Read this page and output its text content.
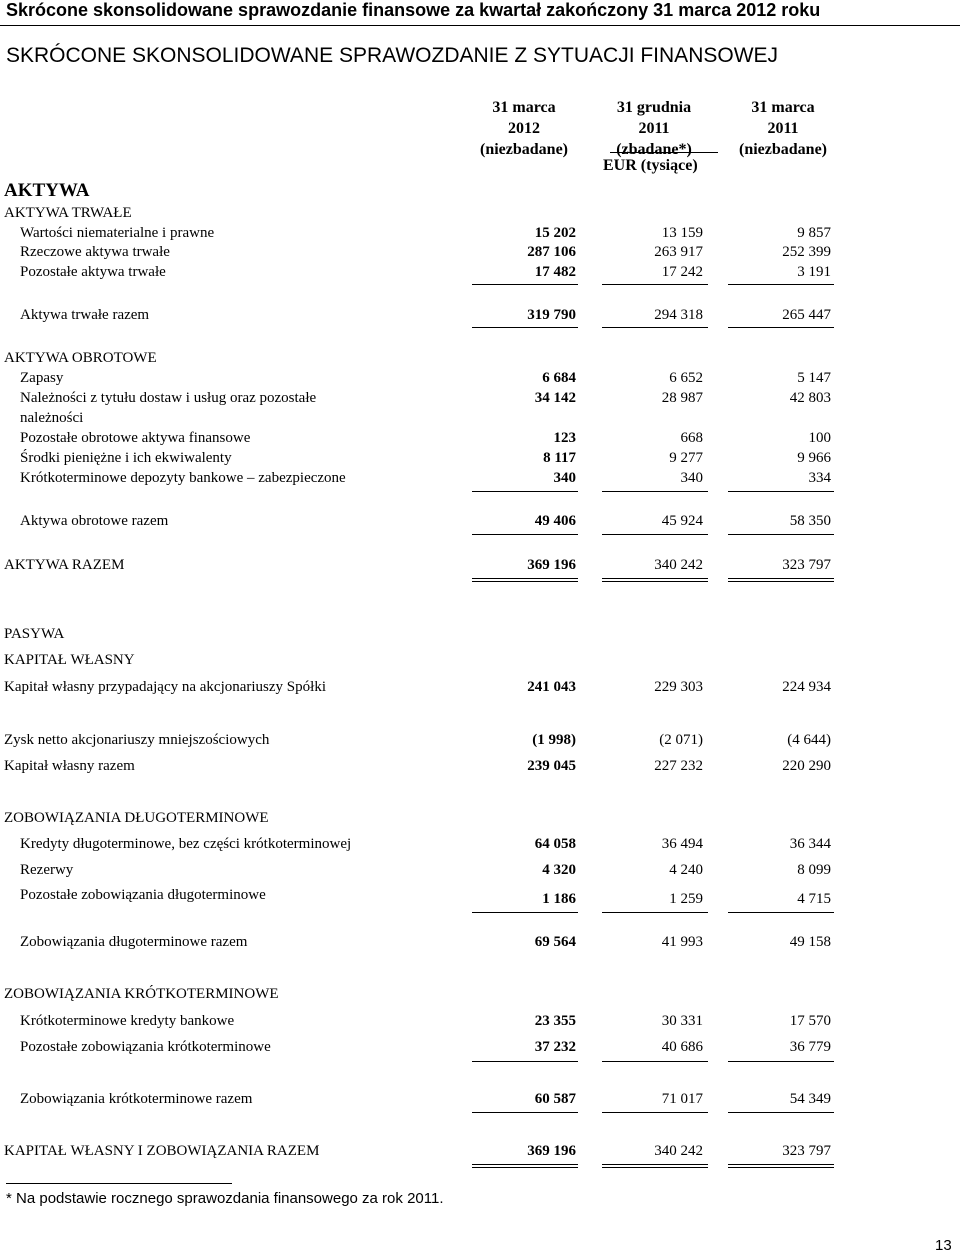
Skrócone skonsolidowane sprawozdanie finansowe za kwartał zakończony 31 marca 2012 roku
SKRÓCONE SKONSOLIDOWANE SPRAWOZDANIE Z SYTUACJI FINANSOWEJ
31 marca
2012
(niezbadane)
31 grudnia
2011
(zbadane*)
31 marca
2011
(niezbadane)
EUR (tysiące)
AKTYWA
AKTYWA TRWAŁE
Wartości niematerialne i prawne	15 202	13 159	9 857
Rzeczowe aktywa trwałe	287 106	263 917	252 399
Pozostałe aktywa trwałe	17 482	17 242	3 191
Aktywa trwałe razem	319 790	294 318	265 447
AKTYWA OBROTOWE
Zapasy	6 684	6 652	5 147
Należności z tytułu dostaw i usług oraz pozostałe
należności
34 142	28 987	42 803
Pozostałe obrotowe aktywa finansowe	123	668	100
Środki pieniężne i ich ekwiwalenty	8 117	9 277	9 966
Krótkoterminowe depozyty bankowe – zabezpieczone	340	340	334
Aktywa obrotowe razem	49 406	45 924	58 350
AKTYWA RAZEM	369 196	340 242	323 797
PASYWA
KAPITAŁ WŁASNY
Kapitał własny przypadający na akcjonariuszy Spółki	241 043	229 303	224 934
Zysk netto akcjonariuszy mniejszościowych	(1 998)	(2 071)	(4 644)
Kapitał własny razem	239 045	227 232	220 290
ZOBOWIĄZANIA DŁUGOTERMINOWE
Kredyty długoterminowe, bez części krótkoterminowej	64 058	36 494	36 344
Rezerwy	4 320	4 240	8 099
Pozostałe zobowiązania długoterminowe	1 186	1 259	4 715
Zobowiązania długoterminowe razem	69 564	41 993	49 158
ZOBOWIĄZANIA KRÓTKOTERMINOWE
Krótkoterminowe kredyty bankowe	23 355	30 331	17 570
Pozostałe zobowiązania krótkoterminowe	37 232	40 686	36 779
Zobowiązania krótkoterminowe razem	60 587	71 017	54 349
KAPITAŁ WŁASNY I ZOBOWIĄZANIA RAZEM	369 196	340 242	323 797
* Na podstawie rocznego sprawozdania finansowego za rok 2011.
13
